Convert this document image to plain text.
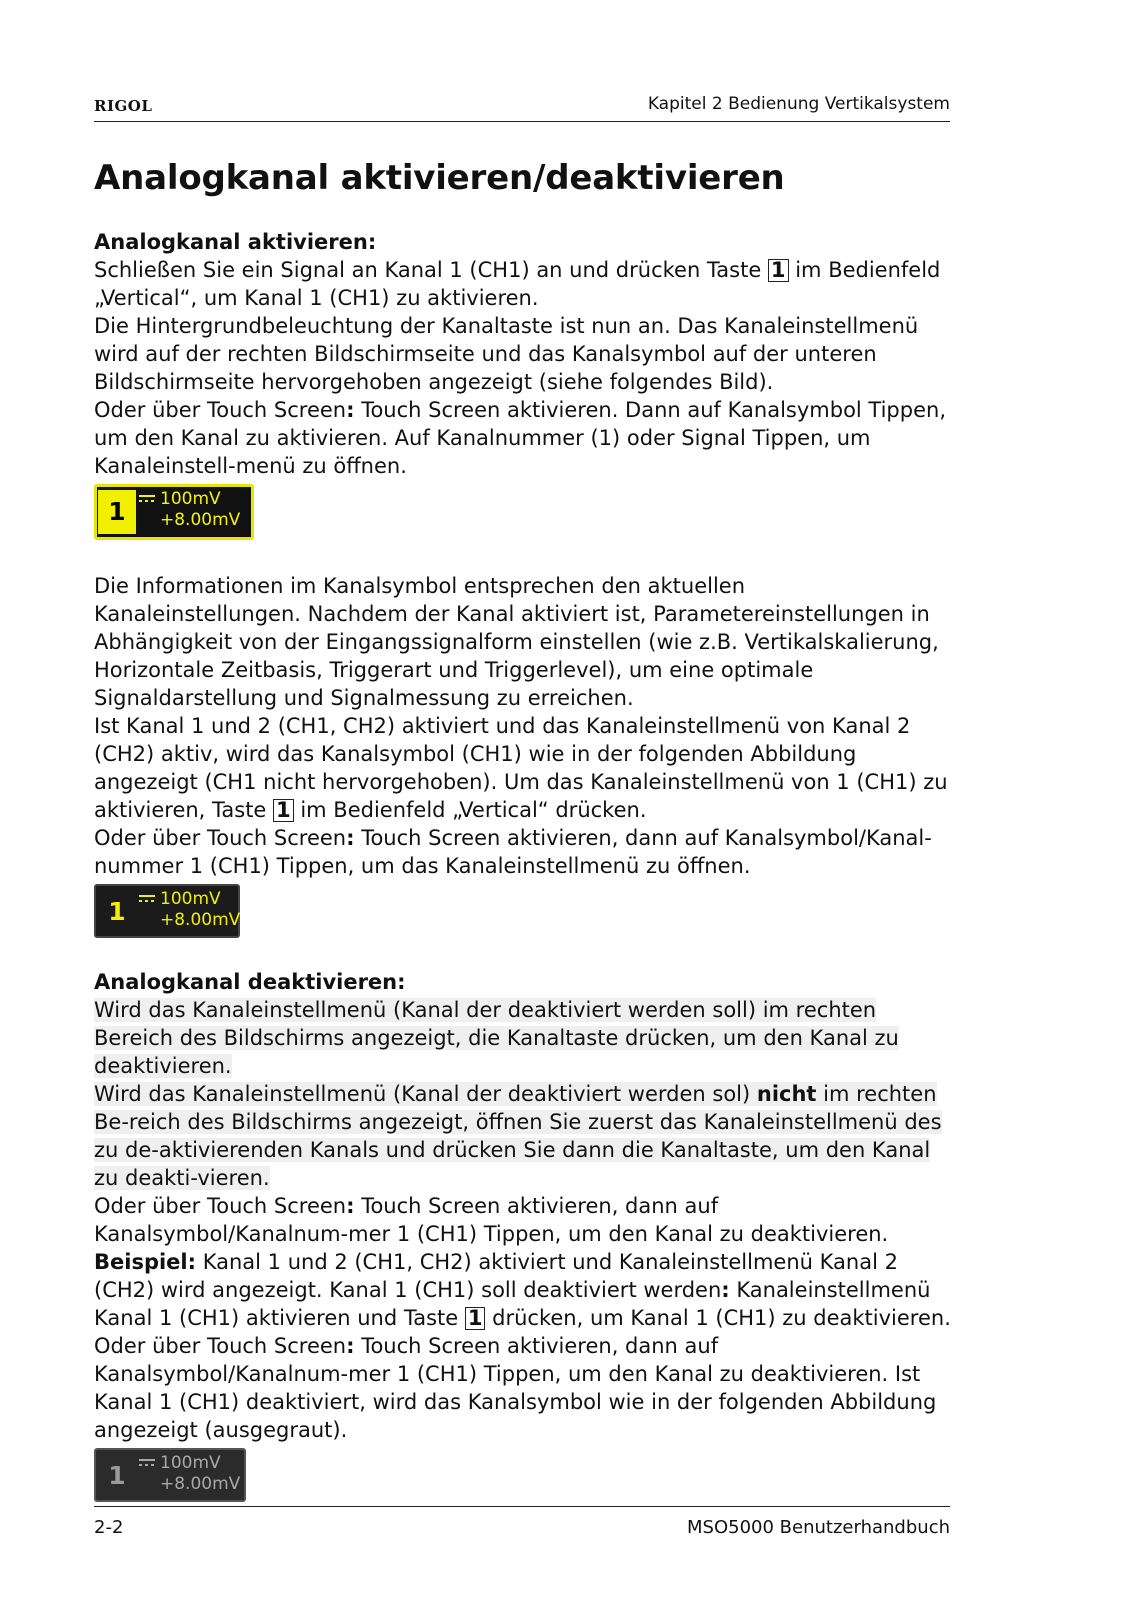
RIGOL	Kapitel 2 Bedienung Vertikalsystem
Analogkanal aktivieren/deaktivieren
Analogkanal aktivieren:

Schließen Sie ein Signal an Kanal 1 (CH1) an und drücken Taste 1 im Bedienfeld „Vertical“, um Kanal 1 (CH1) zu aktivieren.

Die Hintergrundbeleuchtung der Kanaltaste ist nun an. Das Kanaleinstellmenü wird auf der rechten Bildschirmseite und das Kanalsymbol auf der unteren Bildschirmseite hervorgehoben angezeigt (siehe folgendes Bild).

Oder über Touch Screen: Touch Screen aktivieren. Dann auf Kanalsymbol Tippen, um den Kanal zu aktivieren. Auf Kanalnummer (1) oder Signal Tippen, um Kanaleinstell-menü zu öffnen.

1	100mV
+8.00mV

Die Informationen im Kanalsymbol entsprechen den aktuellen Kanaleinstellungen. Nachdem der Kanal aktiviert ist, Parametereinstellungen in Abhängigkeit von der Eingangssignalform einstellen (wie z.B. Vertikalskalierung, Horizontale Zeitbasis, Triggerart und Triggerlevel), um eine optimale Signaldarstellung und Signalmessung zu erreichen.

Ist Kanal 1 und 2 (CH1, CH2) aktiviert und das Kanaleinstellmenü von Kanal 2 (CH2) aktiv, wird das Kanalsymbol (CH1) wie in der folgenden Abbildung angezeigt (CH1 nicht hervorgehoben). Um das Kanaleinstellmenü von 1 (CH1) zu aktivieren, Taste 1 im Bedienfeld „Vertical“ drücken.

Oder über Touch Screen: Touch Screen aktivieren, dann auf Kanalsymbol/Kanal-nummer 1 (CH1) Tippen, um das Kanaleinstellmenü zu öffnen.

1	100mV
+8.00mV
Analogkanal deaktivieren:

Wird das Kanaleinstellmenü (Kanal der deaktiviert werden soll) im rechten Bereich des Bildschirms angezeigt, die Kanaltaste drücken, um den Kanal zu deaktivieren.

Wird das Kanaleinstellmenü (Kanal der deaktiviert werden sol) nicht im rechten Be-reich des Bildschirms angezeigt, öffnen Sie zuerst das Kanaleinstellmenü des zu de-aktivierenden Kanals und drücken Sie dann die Kanaltaste, um den Kanal zu deakti-vieren.

Oder über Touch Screen: Touch Screen aktivieren, dann auf Kanalsymbol/Kanalnum-mer 1 (CH1) Tippen, um den Kanal zu deaktivieren.

Beispiel: Kanal 1 und 2 (CH1, CH2) aktiviert und Kanaleinstellmenü Kanal 2 (CH2) wird angezeigt. Kanal 1 (CH1) soll deaktiviert werden: Kanaleinstellmenü Kanal 1 (CH1) aktivieren und Taste 1 drücken, um Kanal 1 (CH1) zu deaktivieren.

Oder über Touch Screen: Touch Screen aktivieren, dann auf Kanalsymbol/Kanalnum-mer 1 (CH1) Tippen, um den Kanal zu deaktivieren. Ist Kanal 1 (CH1) deaktiviert, wird das Kanalsymbol wie in der folgenden Abbildung angezeigt (ausgegraut).

1	100mV
+8.00mV
2-2	MSO5000 Benutzerhandbuch
